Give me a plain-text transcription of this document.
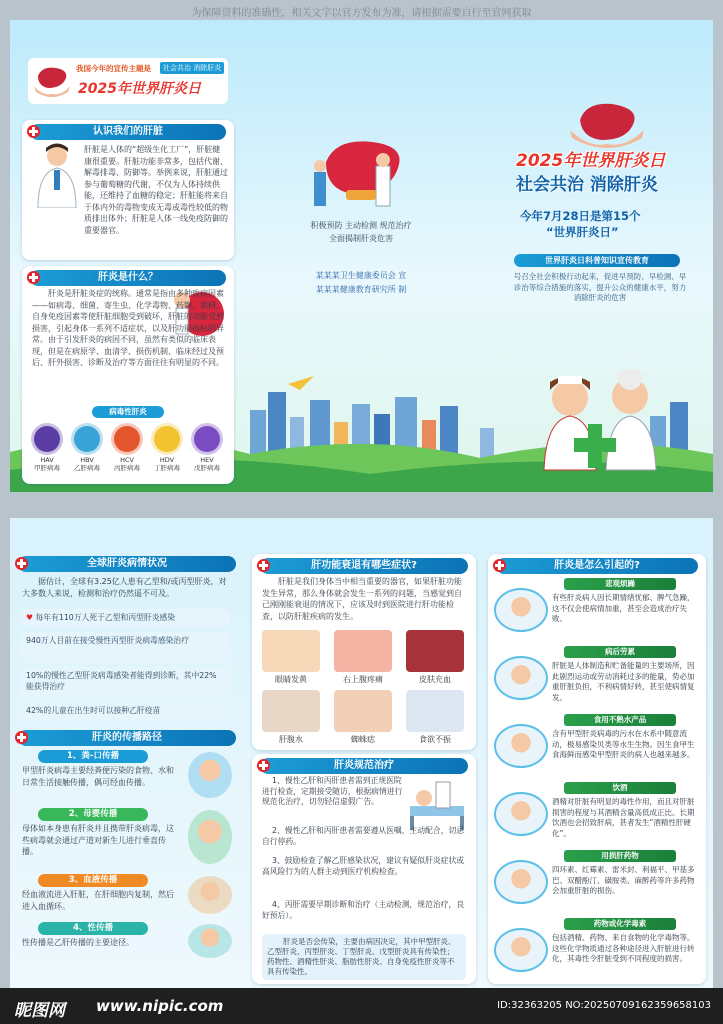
为保障资料的准确性，相关文字以官方发布为准，请根据需要自行至官网获取
我国今年的宣传主题是	社会共治 消除肝炎
2025年世界肝炎日
认识我们的肝脏
肝脏是人体的“超级生化工厂”，肝脏健康很重要。肝脏功能非常多，包括代谢、解毒排毒、防御等。举例来说，肝脏通过参与葡萄糖的代谢，不仅为人体持续供能，还维持了血糖的稳定；肝脏能将来自于体内外的毒物变成无毒或毒性较低的物质排出体外；肝脏是人体一线免疫防御的重要器官。
肝炎是什么？
肝炎是肝脏炎症的统称。通常是指由多种致病因素——如病毒、细菌、寄生虫、化学毒物、药物、酒精、自身免疫因素等使肝脏细胞受到破坏，肝脏的功能受到损害，引起身体一系列不适症状，以及肝功能指标的异常。由于引发肝炎的病因不同，虽然有类似的临床表现，但是在病原学、血清学、损伤机制、临床经过及预后、肝外损害、诊断及治疗等方面往往有明显的不同。
病毒性肝炎
HAV
甲肝病毒
HBV
乙肝病毒
HCV
丙肝病毒
HDV
丁肝病毒
HEV
戊肝病毒
积极预防 主动检测 规范治疗
全面揭制肝炎危害
某某某卫生健康委员会 宣
某某某健康教育研究所 制
2025年世界肝炎日
社会共治 消除肝炎
今年7月28日是第15个
“世界肝炎日”
世界肝炎日科普知识宣传教育
号召全社会积极行动起来，促进早预防、早检测、早诊治等综合措施的落实，提升公众的健康水平，努力消除肝炎的危害
全球肝炎病情状况
据估计，全球有3.25亿人患有乙型和/或丙型肝炎，对大多数人来说，检测和治疗仍然遥不可及。
♥ 每年有110万人死于乙型和丙型肝炎感染
940万人目前在接受慢性丙型肝炎病毒感染治疗
10%的慢性乙型肝炎病毒感染者能得到诊断，其中22%能获得治疗
42%的儿童在出生时可以接种乙肝疫苗
肝炎的传播路径
1、粪-口传播
甲型肝炎病毒主要经粪便污染的食物、水和日常生活接触传播，偶可经血传播。
2、母婴传播
母体如本身患有肝炎并且携带肝炎病毒，这些病毒就会通过产道对新生儿进行垂直传播。
3、血液传播
经血液流进入肝脏，在肝细胞内复制，然后进入血循环。
4、性传播
性传播是乙肝传播的主要途径。
肝功能衰退有哪些症状?
肝脏是我们身体当中相当重要的器官，如果肝脏功能发生异常，那么身体就会发生一系列的问题，当感觉到自己刚刚能衰退的情况下，应该及时到医院进行肝功能检查，以防肝脏疾病的发生。
眼睛发黄	右上腹疼痛	皮肤充血
肝腹水	蜘蛛痣	食欲不振
肝炎规范治疗
1、慢性乙肝和丙肝患者需到正规医院进行检查，定期接受随访，根据病情进行规范化治疗，切勿轻信虚假广告。
2、慢性乙肝和丙肝患者需要遵从医嘱，主动配合，切忌自行停药。
3、鼓励检查了解乙肝感染状况，建议有疑似肝炎症状或高风险行为的人群主动到医疗机构检查。
4、丙肝需要早期诊断和治疗（主动检测，规范治疗，良好预后）。
肝炎是否会传染，主要由病因决定，其中甲型肝炎、乙型肝炎、丙型肝炎、丁型肝炎、戊型肝炎具有传染性；药物性、酒精性肝炎、脂肪性肝炎、自身免疫性肝炎等不具有传染性。
肝炎是怎么引起的?
悲观烦躁
有些肝炎病人因长期情绪忧郁、脾气急躁，这不仅会使病情加重，甚至会造成治疗失败。
病后劳累
肝脏是人体制造和贮备能量的主要场所，因此剧烈运动或劳动消耗过多的能量，势必加重肝脏负担，不利病情好转，甚至使病情复发。
食用不熟水产品
含有甲型肝炎病毒的污水在水系中随意流动，极易感染贝类等水生生物。因生食甲生食海鲜而感染甲型肝炎的病人也越来越多。
饮酒
酒精对肝脏有明显的毒性作用，而且对肝脏损害的程度与其酒精含量高低成正比。长期饮酒也会招致肝病，甚者发生“酒精性肝硬化”。
用损肝药物
四环素、红霉素、雷米封、利福平、甲基多巴、双醋酚汀、磺胺类、麻醉药等许多药物会加重肝脏的损伤。
药物或化学毒素
包括酒精、药物、来自食物的化学毒物等。这些化学物质通过各种途径进入肝脏进行转化，其毒性令肝脏受到不同程度的损害。
昵图网 www.nipic.com	ID:32363205 NO:20250709162359658103
